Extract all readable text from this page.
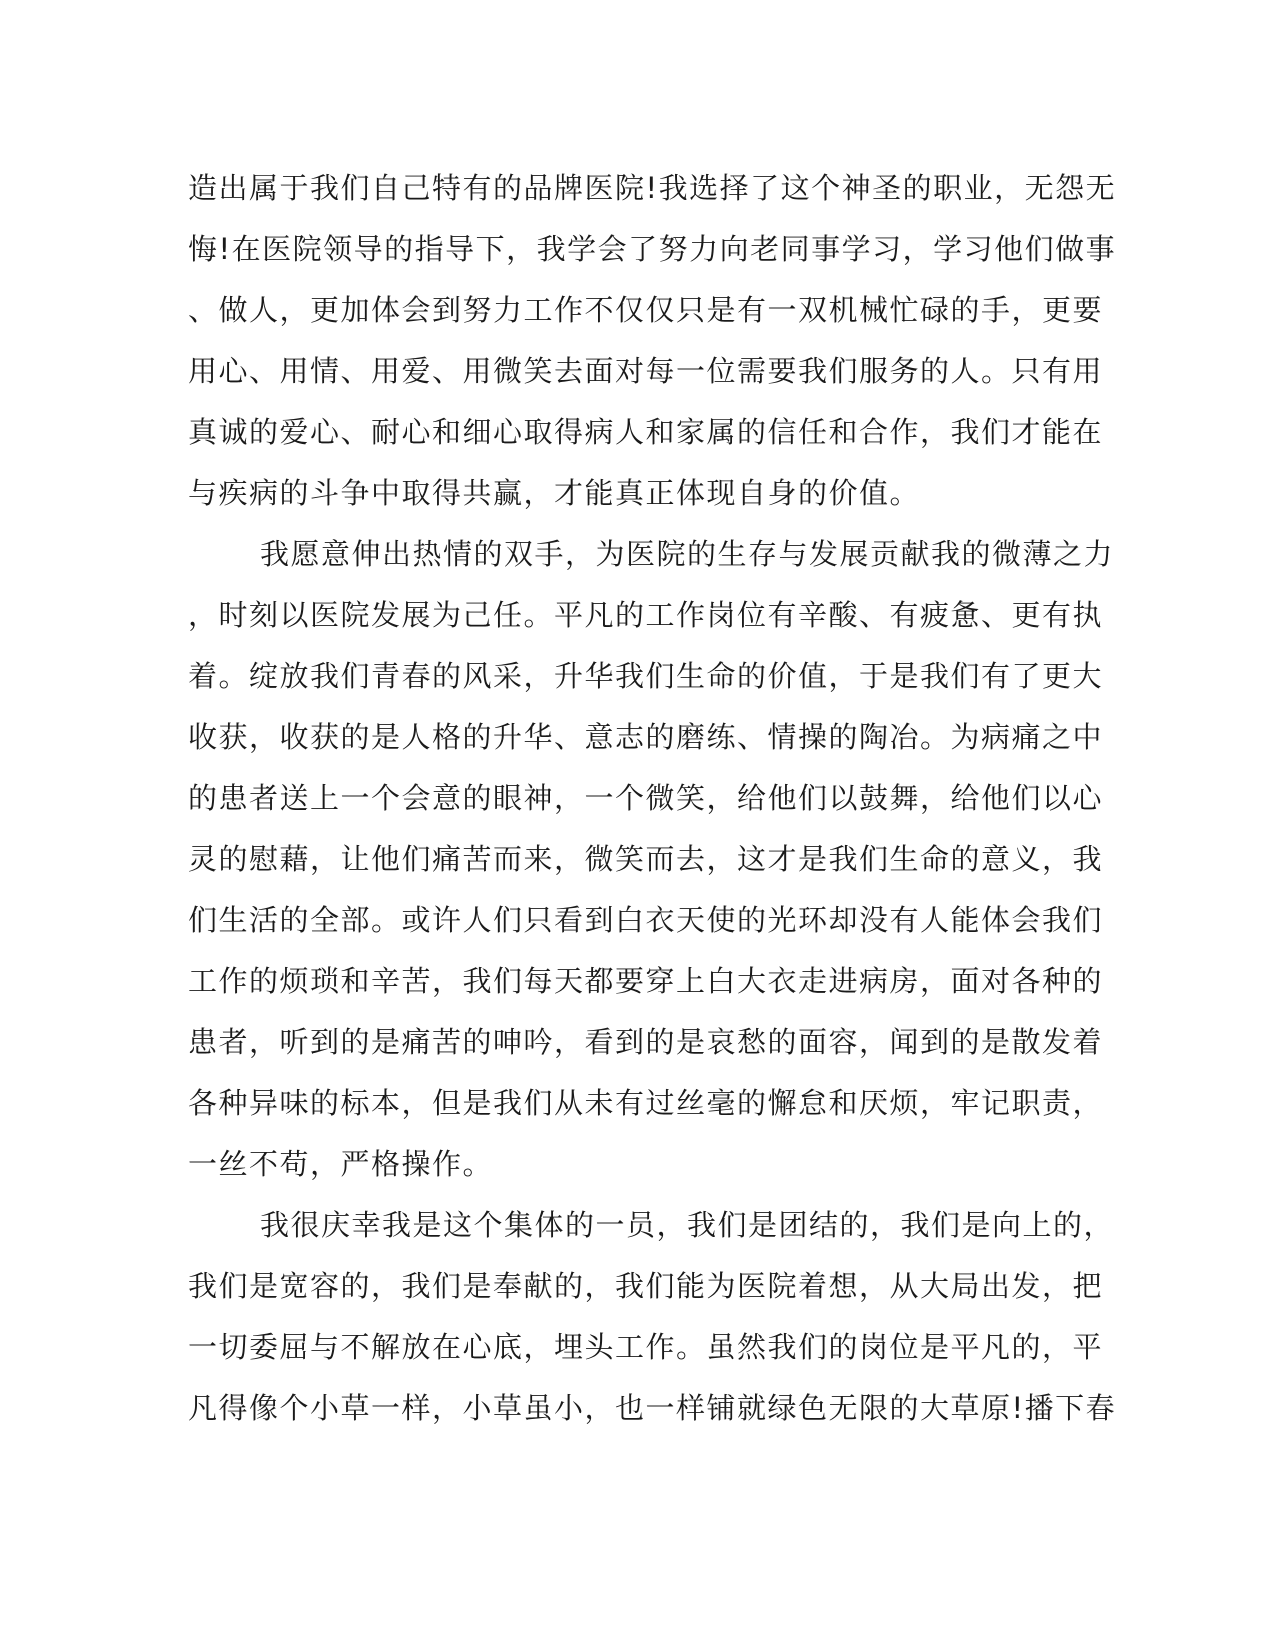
造出属于我们自己特有的品牌医院!我选择了这个神圣的职业，无怨无
悔!在医院领导的指导下，我学会了努力向老同事学习，学习他们做事
、做人，更加体会到努力工作不仅仅只是有一双机械忙碌的手，更要
用心、用情、用爱、用微笑去面对每一位需要我们服务的人。只有用
真诚的爱心、耐心和细心取得病人和家属的信任和合作，我们才能在
与疾病的斗争中取得共赢，才能真正体现自身的价值。
我愿意伸出热情的双手，为医院的生存与发展贡献我的微薄之力
，时刻以医院发展为己任。平凡的工作岗位有辛酸、有疲惫、更有执
着。绽放我们青春的风采，升华我们生命的价值，于是我们有了更大
收获，收获的是人格的升华、意志的磨练、情操的陶冶。为病痛之中
的患者送上一个会意的眼神，一个微笑，给他们以鼓舞，给他们以心
灵的慰藉，让他们痛苦而来，微笑而去，这才是我们生命的意义，我
们生活的全部。或许人们只看到白衣天使的光环却没有人能体会我们
工作的烦琐和辛苦，我们每天都要穿上白大衣走进病房，面对各种的
患者，听到的是痛苦的呻吟，看到的是哀愁的面容，闻到的是散发着
各种异味的标本，但是我们从未有过丝毫的懈怠和厌烦，牢记职责，
一丝不苟，严格操作。
我很庆幸我是这个集体的一员，我们是团结的，我们是向上的，
我们是宽容的，我们是奉献的，我们能为医院着想，从大局出发，把
一切委屈与不解放在心底，埋头工作。虽然我们的岗位是平凡的，平
凡得像个小草一样，小草虽小，也一样铺就绿色无限的大草原!播下春
